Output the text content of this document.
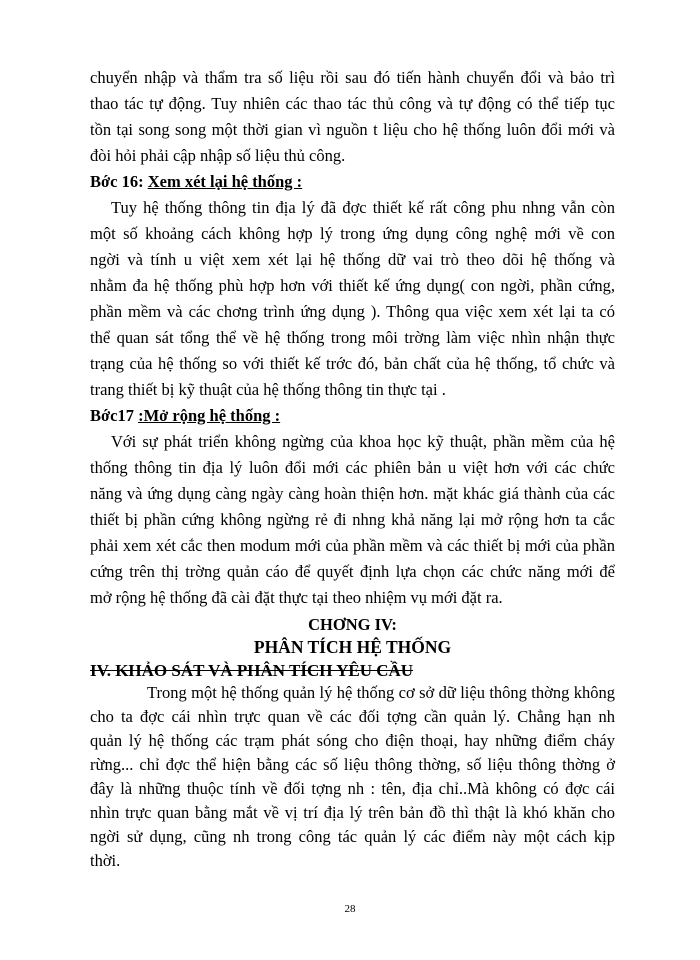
chuyển nhập và thẩm tra số liệu rồi sau đó tiến hành chuyển đổi và bảo trì
thao tác tự động. Tuy nhiên các thao tác thủ công và tự động có thể tiếp tục
tồn tại song song một thời gian vì nguồn t liệu cho hệ thống luôn đổi mới và
đòi hỏi phải cập nhập số liệu thủ công.
Bớc 16: Xem xét lại hệ thống :
Tuy hệ thống thông tin địa lý đã đợc thiết kế rất công phu nhng vẫn còn
một số khoảng cách không hợp lý trong ứng dụng công nghệ mới về con
ngời và tính u việt xem xét lại hệ thống dữ vai trò theo dõi hệ thống và
nhằm đa hệ thống phù hợp hơn với thiết kế ứng dụng( con ngời, phần cứng,
phần mềm và các chơng trình ứng dụng ). Thông qua việc xem xét lại ta có
thể quan sát tổng thể về hệ thống trong môi trờng làm việc nhìn nhận thực
trạng của hệ thống so với thiết kế trớc đó, bản chất của hệ thống, tổ chức và
trang thiết bị kỹ thuật của hệ thống thông tin thực tại .
Bớc17 :Mở rộng hệ thống :
Với sự phát triển không ngừng của khoa học kỹ thuật, phần mềm của hệ
thống thông tin địa lý luôn đổi mới các phiên bản u việt hơn với các chức
năng và ứng dụng càng ngày càng hoàn thiện hơn. mặt khác giá thành của các
thiết bị phần cứng không ngừng rẻ đi nhng khả năng lại mở rộng hơn ta cắc
phải xem xét cắc then modum mới của phần mềm và các thiết bị mới của phần
cứng trên thị trờng quản cáo để quyết định lựa chọn các chức năng mới để
mở rộng hệ thống đã cài đặt thực tại theo nhiệm vụ mới đặt ra.
CHƠNG IV:
PHÂN TÍCH HỆ THỐNG
IV. KHẢO SÁT VÀ PHÂN TÍCH YÊU CẦU
Trong một hệ thống quản lý hệ thống cơ sở dữ liệu thông thờng không
cho ta đợc cái nhìn trực quan về các đối tợng cần quản lý. Chẳng hạn nh
quản lý hệ thống các trạm phát sóng cho điện thoại, hay những điểm cháy
rừng... chỉ đợc thể hiện bằng các số liệu thông thờng, số liệu thông thờng ở
đây là những thuộc tính về đối tợng nh : tên, địa chỉ..Mà không có đợc cái
nhìn trực quan bằng mắt về vị trí địa lý trên bản đồ thì thật là khó khăn cho
ngời sử dụng, cũng nh trong công tác quản lý các điểm này một cách kịp
thời.
28
